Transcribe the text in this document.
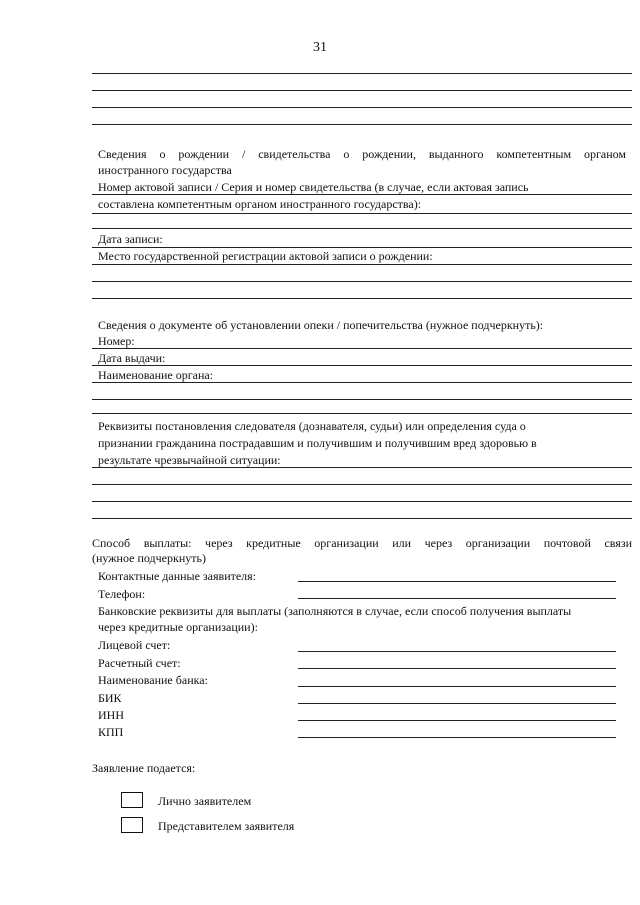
31
Сведения о рождении / свидетельства о рождении, выданного компетентным органом
иностранного государства
Номер актовой записи / Серия и номер свидетельства (в случае, если актовая запись
составлена компетентным органом иностранного государства):
Дата записи:
Место государственной регистрации актовой записи о рождении:
Сведения о документе об установлении опеки / попечительства (нужное подчеркнуть):
Номер:
Дата выдачи:
Наименование органа:
Реквизиты постановления следователя (дознавателя, судьи) или определения суда о
признании гражданина пострадавшим и получившим и получившим вред здоровью в
результате чрезвычайной ситуации:
Способ выплаты: через кредитные организации или через организации почтовой связи
(нужное подчеркнуть)
Контактные данные заявителя:
Телефон:
Банковские реквизиты для выплаты (заполняются в случае, если способ получения выплаты
через кредитные организации):
Лицевой счет:
Расчетный счет:
Наименование банка:
БИК
ИНН
КПП
Заявление подается:
Лично заявителем
Представителем заявителя
